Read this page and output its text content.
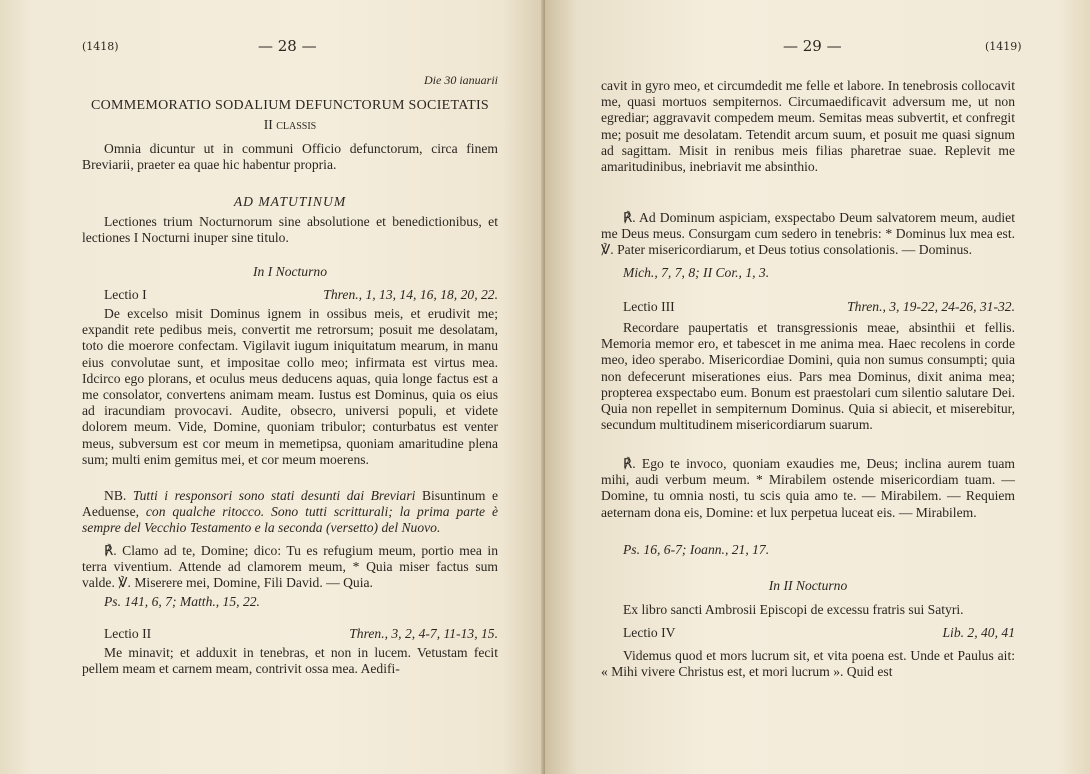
(1418)	— 28 —
Die 30 ianuarii
COMMEMORATIO SODALIUM DEFUNCTORUM SOCIETATIS
II classis

Omnia dicuntur ut in communi Officio defunctorum, circa finem Breviarii, praeter ea quae hic habentur propria.

AD MATUTINUM

Lectiones trium Nocturnorum sine absolutione et benedictionibus, et lectiones I Nocturni inuper sine titulo.

In I Nocturno
Lectio I	Thren., 1, 13, 14, 16, 18, 20, 22.

De excelso misit Dominus ignem in ossibus meis, et erudivit me; expandit rete pedibus meis, convertit me retrorsum; posuit me desolatam, toto die moerore confectam. Vigilavit iugum iniquitatum mearum, in manu eius convolutae sunt, et impositae collo meo; infirmata est virtus mea. Idcirco ego plorans, et oculus meus deducens aquas, quia longe factus est a me consolator, convertens animam meam. Iustus est Dominus, quia os eius ad iracundiam provocavi. Audite, obsecro, universi populi, et videte dolorem meum. Vide, Domine, quoniam tribulor; conturbatus est venter meus, subversum est cor meum in memetipsa, quoniam amaritudine plena sum; multi enim gemitus mei, et cor meum moerens.

NB. Tutti i responsori sono stati desunti dai Breviari Bisuntinum e Aeduense, con qualche ritocco. Sono tutti scritturali; la prima parte è sempre del Vecchio Testamento e la seconda (versetto) del Nuovo.

℟. Clamo ad te, Domine; dico: Tu es refugium meum, portio mea in terra viventium. Attende ad clamorem meum, * Quia miser factus sum valde. ℣. Miserere mei, Domine, Fili David. — Quia.

Ps. 141, 6, 7; Matth., 15, 22.
Lectio II	Thren., 3, 2, 4-7, 11-13, 15.

Me minavit; et adduxit in tenebras, et non in lucem. Vetustam fecit pellem meam et carnem meam, contrivit ossa mea. Aedifi-

— 29 —	(1419)

cavit in gyro meo, et circumdedit me felle et labore. In tenebrosis collocavit me, quasi mortuos sempiternos. Circumaedificavit adversum me, ut non egrediar; aggravavit compedem meum. Semitas meas subvertit, et confregit me; posuit me desolatam. Tetendit arcum suum, et posuit me quasi signum ad sagittam. Misit in renibus meis filias pharetrae suae. Replevit me amaritudinibus, inebriavit me absinthio.

℟. Ad Dominum aspiciam, exspectabo Deum salvatorem meum, audiet me Deus meus. Consurgam cum sedero in tenebris: * Dominus lux mea est. ℣. Pater misericordiarum, et Deus totius consolationis. — Dominus.

Mich., 7, 7, 8; II Cor., 1, 3.
Lectio III	Thren., 3, 19-22, 24-26, 31-32.

Recordare paupertatis et transgressionis meae, absinthii et fellis. Memoria memor ero, et tabescet in me anima mea. Haec recolens in corde meo, ideo sperabo. Misericordiae Domini, quia non sumus consumpti; quia non defecerunt miserationes eius. Pars mea Dominus, dixit anima mea; propterea exspectabo eum. Bonum est praestolari cum silentio salutare Dei. Quia non repellet in sempiternum Dominus. Quia si abiecit, et miserebitur, secundum multitudinem misericordiarum suarum.

℟. Ego te invoco, quoniam exaudies me, Deus; inclina aurem tuam mihi, audi verbum meum. * Mirabilem ostende misericordiam tuam. — Domine, tu omnia nosti, tu scis quia amo te. — Mirabilem. — Requiem aeternam dona eis, Domine: et lux perpetua luceat eis. — Mirabilem.

Ps. 16, 6-7; Ioann., 21, 17.
In II Nocturno

Ex libro sancti Ambrosii Episcopi de excessu fratris sui Satyri.

Lectio IV	Lib. 2, 40, 41

Videmus quod et mors lucrum sit, et vita poena est. Unde et Paulus ait: « Mihi vivere Christus est, et mori lucrum ». Quid est
